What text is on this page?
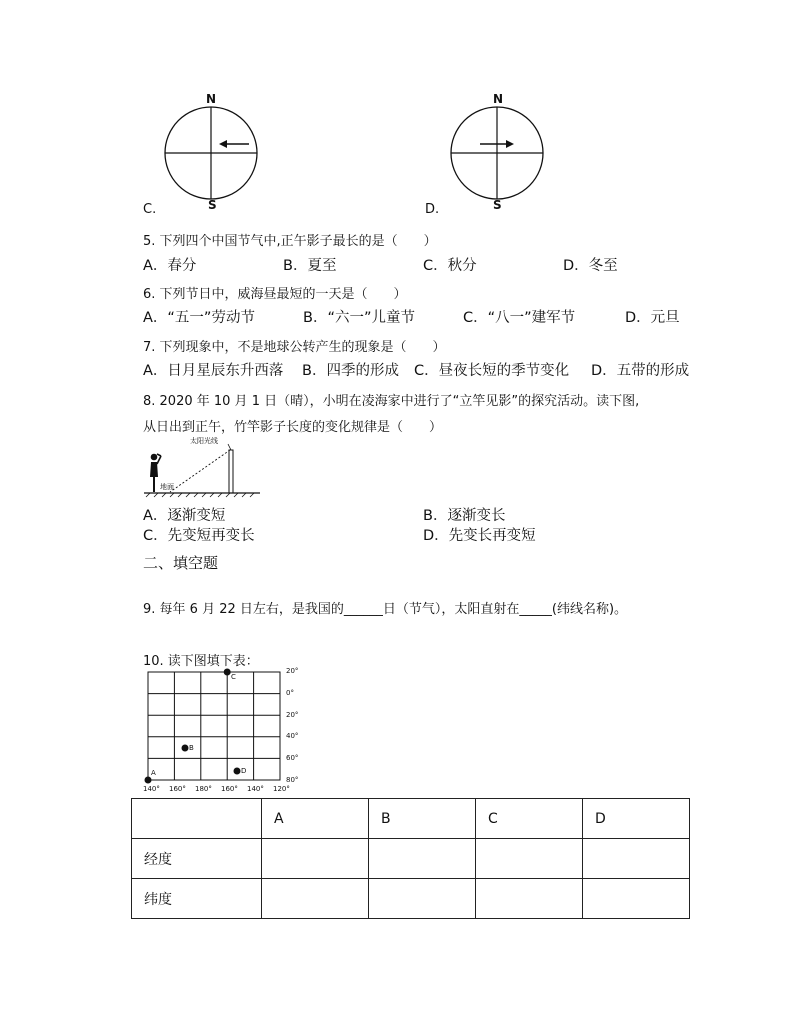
N
S
C.
N
S
D.
5. 下列四个中国节气中,正午影子最长的是（　　）
A．春分	B．夏至	C．秋分	D．冬至
6. 下列节日中，威海昼最短的一天是（　　）
A．“五一”劳动节	B．“六一”儿童节	C．“八一”建军节	D．元旦
7. 下列现象中，不是地球公转产生的现象是（　　）
A．日月星辰东升西落 B．四季的形成 C．昼夜长短的季节变化 D．五带的形成
8. 2020 年 10 月 1 日（晴），小明在凌海家中进行了“立竿见影”的探究活动。读下图,
从日出到正午，竹竿影子长度的变化规律是（　　）
太阳光线
地面
A．逐渐变短	B．逐渐变长
C．先变短再变长	D．先变长再变短
二、填空题
9. 每年 6 月 22 日左右，是我国的______日（节气），太阳直射在_____(纬线名称)。
10. 读下图填下表：
A
B
C
D
20°
0°
20°
40°
60°
80°
140° 160° 180° 160° 140° 120°
	A	B	C	D
经度				
纬度				
